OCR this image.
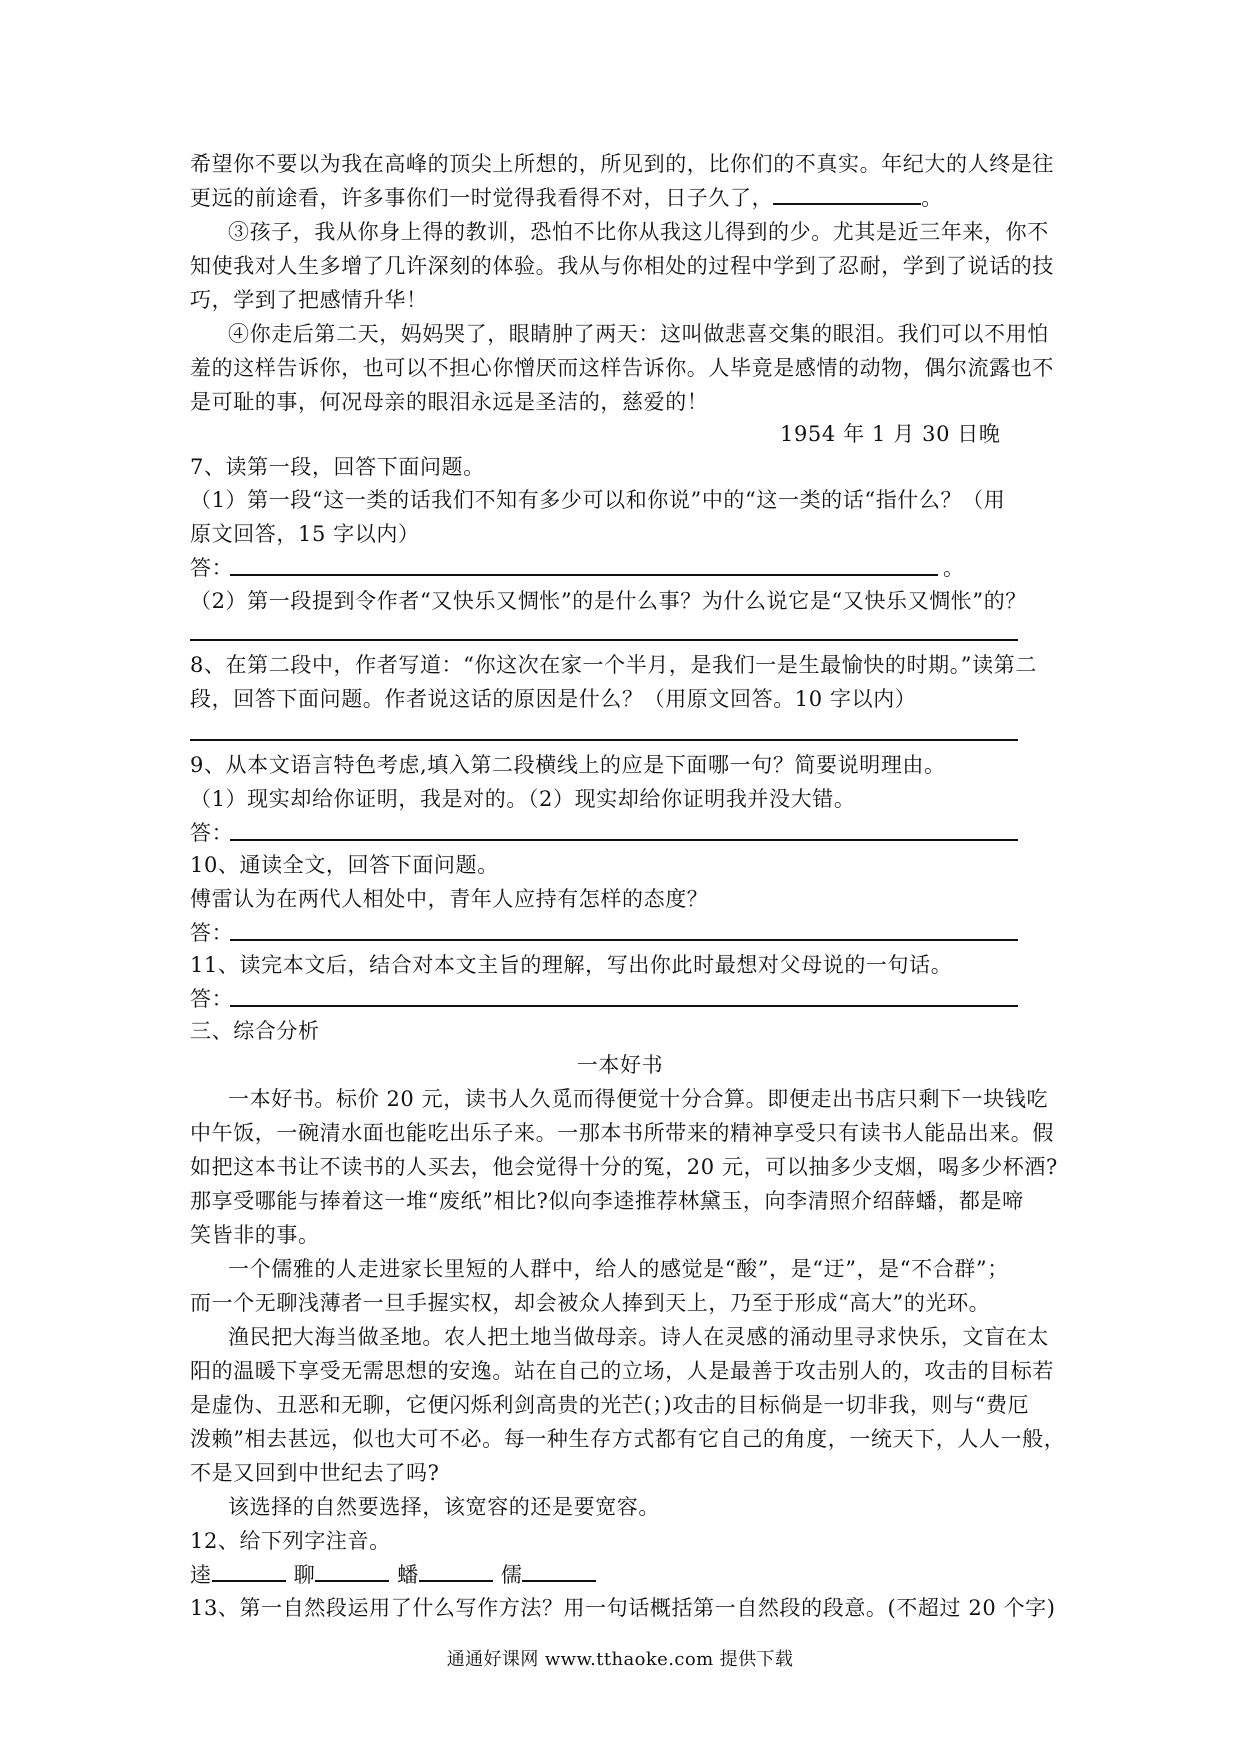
希望你不要以为我在高峰的顶尖上所想的，所见到的，比你们的不真实。年纪大的人终是往
更远的前途看，许多事你们一时觉得我看得不对，日子久了，	。
③孩子，我从你身上得的教训，恐怕不比你从我这儿得到的少。尤其是近三年来，你不
知使我对人生多增了几许深刻的体验。我从与你相处的过程中学到了忍耐，学到了说话的技
巧，学到了把感情升华！
④你走后第二天，妈妈哭了，眼睛肿了两天：这叫做悲喜交集的眼泪。我们可以不用怕
羞的这样告诉你，也可以不担心你憎厌而这样告诉你。人毕竟是感情的动物，偶尔流露也不
是可耻的事，何况母亲的眼泪永远是圣洁的，慈爱的！
1954 年 1 月 30 日晚
7、读第一段，回答下面问题。
（1）第一段“这一类的话我们不知有多少可以和你说”中的“这一类的话“指什么？（用
原文回答，15 字以内）
答：	。
（2）第一段提到令作者“又快乐又惆怅”的是什么事？为什么说它是“又快乐又惆怅”的？
8、在第二段中，作者写道：“你这次在家一个半月，是我们一是生最愉快的时期。”读第二
段，回答下面问题。作者说这话的原因是什么？（用原文回答。10 字以内）
9、从本文语言特色考虑,填入第二段横线上的应是下面哪一句？简要说明理由。
（1）现实却给你证明，我是对的。（2）现实却给你证明我并没大错。
答：
10、通读全文，回答下面问题。
傅雷认为在两代人相处中，青年人应持有怎样的态度？
答：
11、读完本文后，结合对本文主旨的理解，写出你此时最想对父母说的一句话。
答：
三、综合分析
一本好书
一本好书。标价 20 元，读书人久觅而得便觉十分合算。即便走出书店只剩下一块钱吃
中午饭，一碗清水面也能吃出乐子来。一那本书所带来的精神享受只有读书人能品出来。假
如把这本书让不读书的人买去，他会觉得十分的冤，20 元，可以抽多少支烟，喝多少杯酒?
那享受哪能与捧着这一堆“废纸”相比?似向李逵推荐林黛玉，向李清照介绍薛蟠，都是啼
笑皆非的事。
一个儒雅的人走进家长里短的人群中，给人的感觉是“酸”，是“迂”，是“不合群”；
而一个无聊浅薄者一旦手握实权，却会被众人捧到天上，乃至于形成“高大”的光环。
渔民把大海当做圣地。农人把土地当做母亲。诗人在灵感的涌动里寻求快乐，文盲在太
阳的温暖下享受无需思想的安逸。站在自己的立场，人是最善于攻击别人的，攻击的目标若
是虚伪、丑恶和无聊，它便闪烁利剑高贵的光芒(；)攻击的目标倘是一切非我，则与“费厄
泼赖”相去甚远，似也大可不必。每一种生存方式都有它自己的角度，一统天下，人人一般，
不是又回到中世纪去了吗?
该选择的自然要选择，该宽容的还是要宽容。
12、给下列字注音。
逵	聊	蟠	儒
13、第一自然段运用了什么写作方法？用一句话概括第一自然段的段意。(不超过 20 个字)
通通好课网 www.tthaoke.com 提供下载
